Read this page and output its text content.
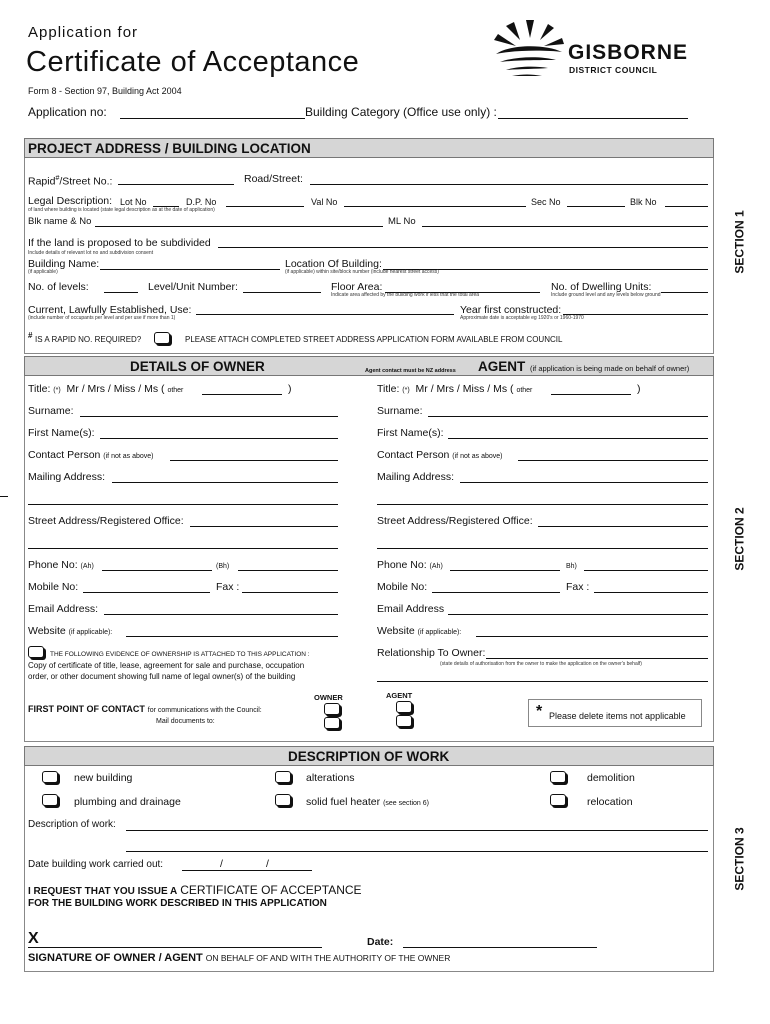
Application for
Certificate of Acceptance
Form 8 - Section 97, Building Act 2004
Application no:	Building Category (Office use only) :
GISBORNE
DISTRICT COUNCIL
PROJECT ADDRESS / BUILDING LOCATION
SECTION 1
Rapid#/Street No.:	Road/Street:
Legal Description: Lot No	D.P. No	Val No	Sec No	Blk No
of land where building is located (state legal description as at the date of application)
Blk name & No	ML No
If the land is proposed to be subdivided
Include details of relevant lot no and subdivision consent
Building Name:
(if applicable)
Location Of Building:
(if applicable) within site/block number (include nearest street access)
No. of levels:	Level/Unit Number:	Floor Area:
Indicate area affected by the building work if less that the total area
No. of Dwelling Units:
Include ground level and any levels below ground
Current, Lawfully Established, Use:
(include number of occupants per level and per use if more than 1)
Year first constructed:
Approximate date is acceptable eg 1920's or 1960-1970
# IS A RAPID NO. REQUIRED?	PLEASE ATTACH COMPLETED STREET ADDRESS APPLICATION FORM AVAILABLE FROM COUNCIL
DETAILS OF OWNER	Agent contact must be NZ address AGENT (if application is being made on behalf of owner)
SECTION 2
Title: (*) Mr / Mrs / Miss / Ms ( other	)
Surname:
First Name(s):
Contact Person (if not as above)
Mailing Address:
Street Address/Registered Office:
Phone No: (Ah)	(Bh)
Mobile No:	Fax :
Email Address:
Website (if applicable):
THE FOLLOWING EVIDENCE OF OWNERSHIP IS ATTACHED TO THIS APPLICATION :
Copy of certificate of title, lease, agreement for sale and purchase, occupation
order, or other document showing full name of legal owner(s) of the building
Title: (*) Mr / Mrs / Miss / Ms ( other	)
Surname:
First Name(s):
Contact Person (if not as above)
Mailing Address:
Street Address/Registered Office:
Phone No: (Ah)	Bh)
Mobile No:	Fax :
Email Address
Website (if applicable):
Relationship To Owner:
(state details of authorisation from the owner to make the application on the owner's behalf)
OWNER	AGENT
FIRST POINT OF CONTACT for communications with the Council:
Mail documents to:
* Please delete items not applicable
DESCRIPTION OF WORK
SECTION 3
new building	alterations	demolition
plumbing and drainage	solid fuel heater (see section 6)	relocation
Description of work:
Date building work carried out:	/	/
I REQUEST THAT YOU ISSUE A CERTIFICATE OF ACCEPTANCE
FOR THE BUILDING WORK DESCRIBED IN THIS APPLICATION
X	Date:
SIGNATURE OF OWNER / AGENT ON BEHALF OF AND WITH THE AUTHORITY OF THE OWNER
